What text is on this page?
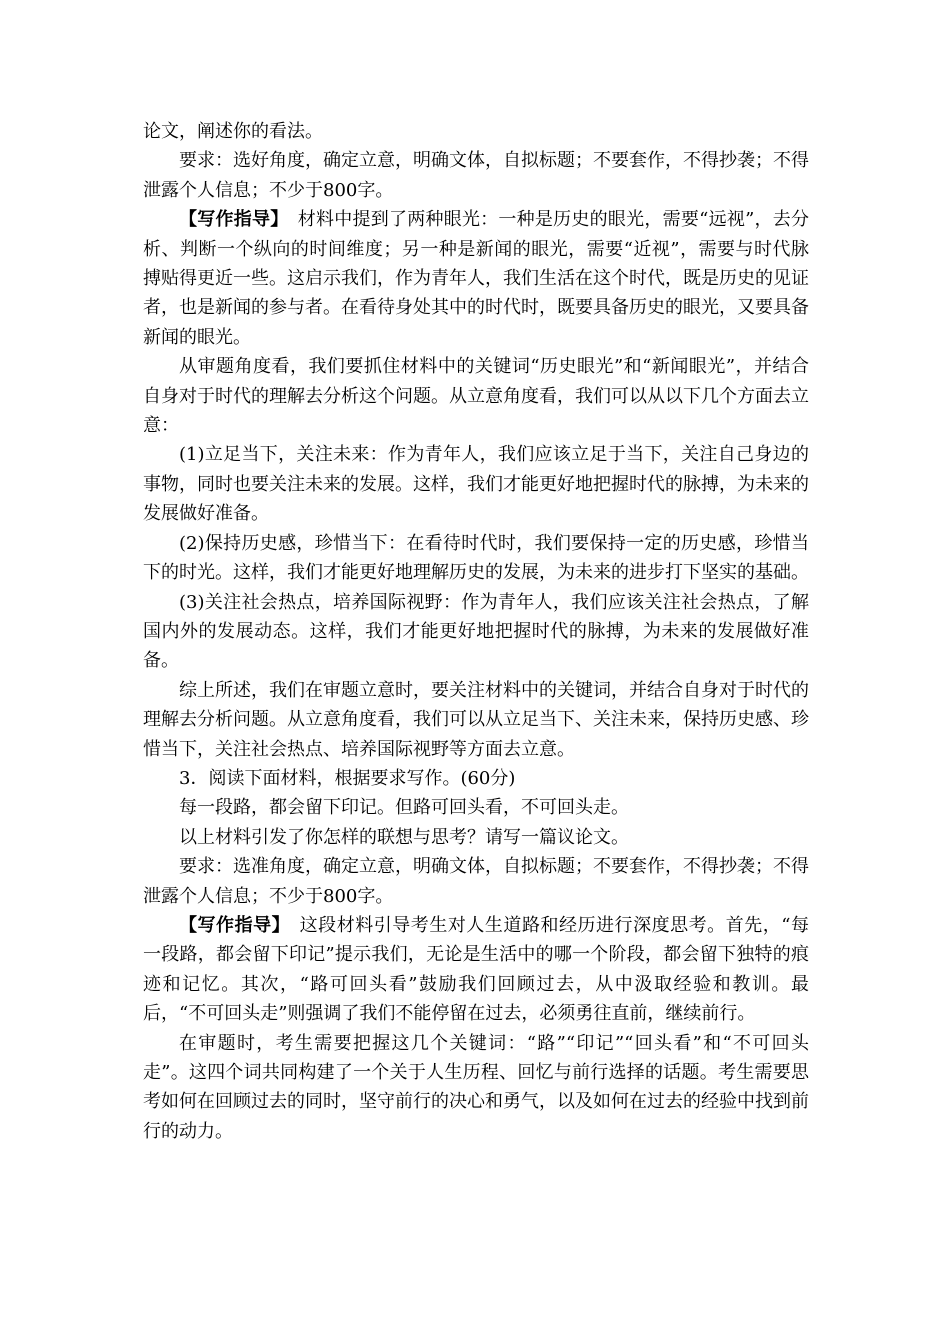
论文，阐述你的看法。

要求：选好角度，确定立意，明确文体，自拟标题；不要套作，不得抄袭；不得泄露个人信息；不少于800字。

【写作指导】　材料中提到了两种眼光：一种是历史的眼光，需要“远视”，去分析、判断一个纵向的时间维度；另一种是新闻的眼光，需要“近视”，需要与时代脉搏贴得更近一些。这启示我们，作为青年人，我们生活在这个时代，既是历史的见证者，也是新闻的参与者。在看待身处其中的时代时，既要具备历史的眼光，又要具备新闻的眼光。

从审题角度看，我们要抓住材料中的关键词“历史眼光”和“新闻眼光”，并结合自身对于时代的理解去分析这个问题。从立意角度看，我们可以从以下几个方面去立意：

(1)立足当下，关注未来：作为青年人，我们应该立足于当下，关注自己身边的事物，同时也要关注未来的发展。这样，我们才能更好地把握时代的脉搏，为未来的发展做好准备。

(2)保持历史感，珍惜当下：在看待时代时，我们要保持一定的历史感，珍惜当下的时光。这样，我们才能更好地理解历史的发展，为未来的进步打下坚实的基础。

(3)关注社会热点，培养国际视野：作为青年人，我们应该关注社会热点，了解国内外的发展动态。这样，我们才能更好地把握时代的脉搏，为未来的发展做好准备。

综上所述，我们在审题立意时，要关注材料中的关键词，并结合自身对于时代的理解去分析问题。从立意角度看，我们可以从立足当下、关注未来，保持历史感、珍惜当下，关注社会热点、培养国际视野等方面去立意。

3．阅读下面材料，根据要求写作。(60分)

每一段路，都会留下印记。但路可回头看，不可回头走。

以上材料引发了你怎样的联想与思考？请写一篇议论文。

要求：选准角度，确定立意，明确文体，自拟标题；不要套作，不得抄袭；不得泄露个人信息；不少于800字。

【写作指导】　这段材料引导考生对人生道路和经历进行深度思考。首先，“每一段路，都会留下印记”提示我们，无论是生活中的哪一个阶段，都会留下独特的痕迹和记忆。其次，“路可回头看”鼓励我们回顾过去，从中汲取经验和教训。最后，“不可回头走”则强调了我们不能停留在过去，必须勇往直前，继续前行。

在审题时，考生需要把握这几个关键词：“路”“印记”“回头看”和“不可回头走”。这四个词共同构建了一个关于人生历程、回忆与前行选择的话题。考生需要思考如何在回顾过去的同时，坚守前行的决心和勇气，以及如何在过去的经验中找到前行的动力。
